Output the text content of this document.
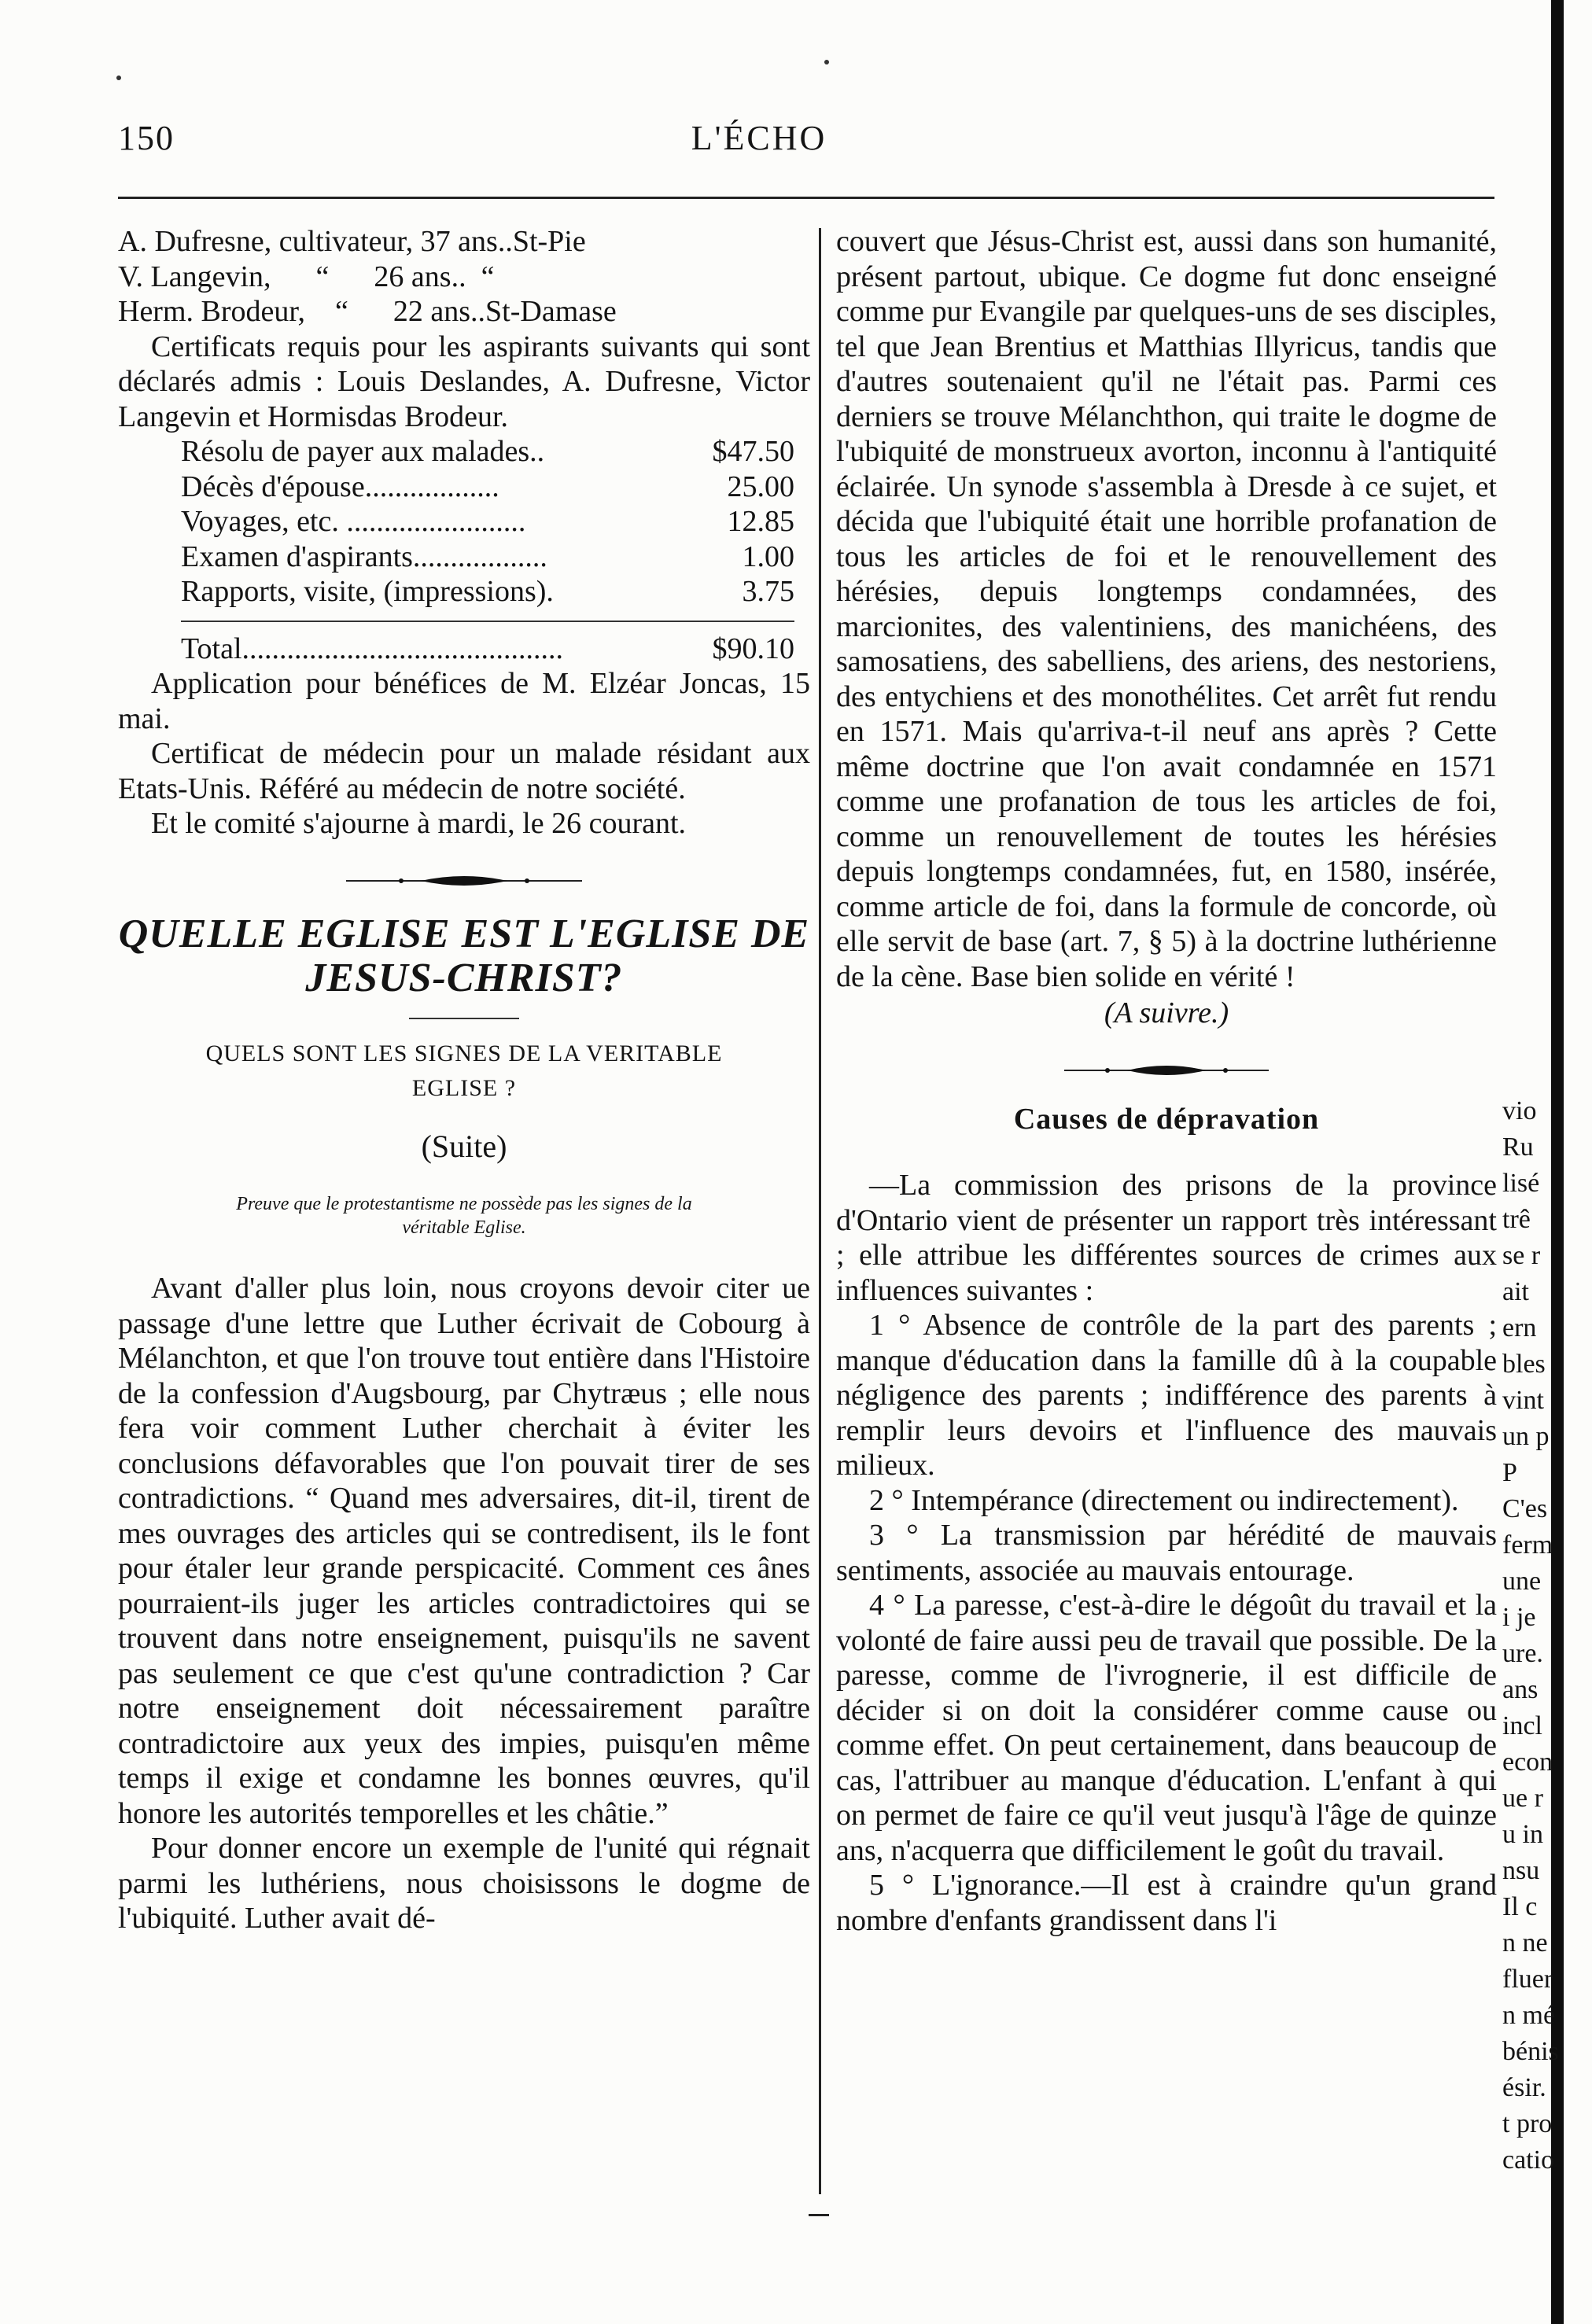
150	L'ÉCHO
A. Dufresne, cultivateur, 37 ans..St-Pie
V. Langevin,      “      26 ans..  “
Herm. Brodeur,    “      22 ans..St-Damase

Certificats requis pour les aspirants suivants qui sont déclarés admis : Louis Deslandes, A. Dufresne, Victor Langevin et Hormisdas Brodeur.

Résolu de payer aux malades..	$47.50
Décès d'épouse..................	25.00
Voyages, etc. ........................	12.85
Examen d'aspirants..................	1.00
Rapports, visite, (impressions).	3.75
Total...........................................	$90.10

Application pour bénéfices de M. Elzéar Joncas, 15 mai.

Certificat de médecin pour un malade résidant aux Etats-Unis. Référé au médecin de notre société.

Et le comité s'ajourne à mardi, le 26 courant.

QUELLE EGLISE EST L'EGLISE DE
JESUS-CHRIST?
QUELS SONT LES SIGNES DE LA VERITABLE
EGLISE ?
(Suite)
Preuve que le protestantisme ne possède pas les signes de la
véritable Eglise.

Avant d'aller plus loin, nous croyons devoir citer ue passage d'une lettre que Luther écrivait de Cobourg à Mélanchton, et que l'on trouve tout entière dans l'Histoire de la confession d'Augsbourg, par Chytræus ; elle nous fera voir comment Luther cherchait à éviter les conclusions défavorables que l'on pouvait tirer de ses contradictions. “ Quand mes adversaires, dit-il, tirent de mes ouvrages des articles qui se contredisent, ils le font pour étaler leur grande perspicacité. Comment ces ânes pourraient-ils juger les articles contradictoires qui se trouvent dans notre enseignement, puisqu'ils ne savent pas seulement ce que c'est qu'une contradiction ? Car notre enseignement doit nécessairement paraître contradictoire aux yeux des impies, puisqu'en même temps il exige et condamne les bonnes œuvres, qu'il honore les autorités temporelles et les châtie.”

Pour donner encore un exemple de l'unité qui régnait parmi les luthériens, nous choisissons le dogme de l'ubiquité. Luther avait dé-

couvert que Jésus-Christ est, aussi dans son humanité, présent partout, ubique. Ce dogme fut donc enseigné comme pur Evangile par quelques-uns de ses disciples, tel que Jean Brentius et Matthias Illyricus, tandis que d'autres soutenaient qu'il ne l'était pas. Parmi ces derniers se trouve Mélanchthon, qui traite le dogme de l'ubiquité de monstrueux avorton, inconnu à l'antiquité éclairée. Un synode s'assembla à Dresde à ce sujet, et décida que l'ubiquité était une horrible profanation de tous les articles de foi et le renouvellement des hérésies, depuis longtemps condamnées, des marcionites, des valentiniens, des manichéens, des samosatiens, des sabelliens, des ariens, des nestoriens, des entychiens et des monothélites. Cet arrêt fut rendu en 1571. Mais qu'arriva-t-il neuf ans après ? Cette même doctrine que l'on avait condamnée en 1571 comme une profanation de tous les articles de foi, comme un renouvellement de toutes les hérésies depuis longtemps condamnées, fut, en 1580, insérée, comme article de foi, dans la formule de concorde, où elle servit de base (art. 7, § 5) à la doctrine luthérienne de la cène. Base bien solide en vérité !

(A suivre.)
Causes de dépravation

—La commission des prisons de la province d'Ontario vient de présenter un rapport très intéressant ; elle attribue les différentes sources de crimes aux influences suivantes :

1 ° Absence de contrôle de la part des parents ; manque d'éducation dans la famille dû à la coupable négligence des parents ; indifférence des parents à remplir leurs devoirs et l'influence des mauvais milieux.

2 ° Intempérance (directement ou indirectement).

3 ° La transmission par hérédité de mauvais sentiments, associée au mauvais entourage.

4 ° La paresse, c'est-à-dire le dégoût du travail et la volonté de faire aussi peu de travail que possible. De la paresse, comme de l'ivrognerie, il est difficile de décider si on doit la considérer comme cause ou comme effet. On peut certainement, dans beaucoup de cas, l'attribuer au manque d'éducation. L'enfant à qui on permet de faire ce qu'il veut jusqu'à l'âge de quinze ans, n'acquerra que difficilement le goût du travail.

5 ° L'ignorance.—Il est à craindre qu'un grand nombre d'enfants grandissent dans l'i

vio
Ru
lisé
trê
se r
ait
ern
bles
vint
un p
P
C'es
ferm
une
i je
ure.
ans
incl
econ
ue r
u in
nsu
Il c
n ne
fluer
n mé
bénis
ésir.
t pro
catio
